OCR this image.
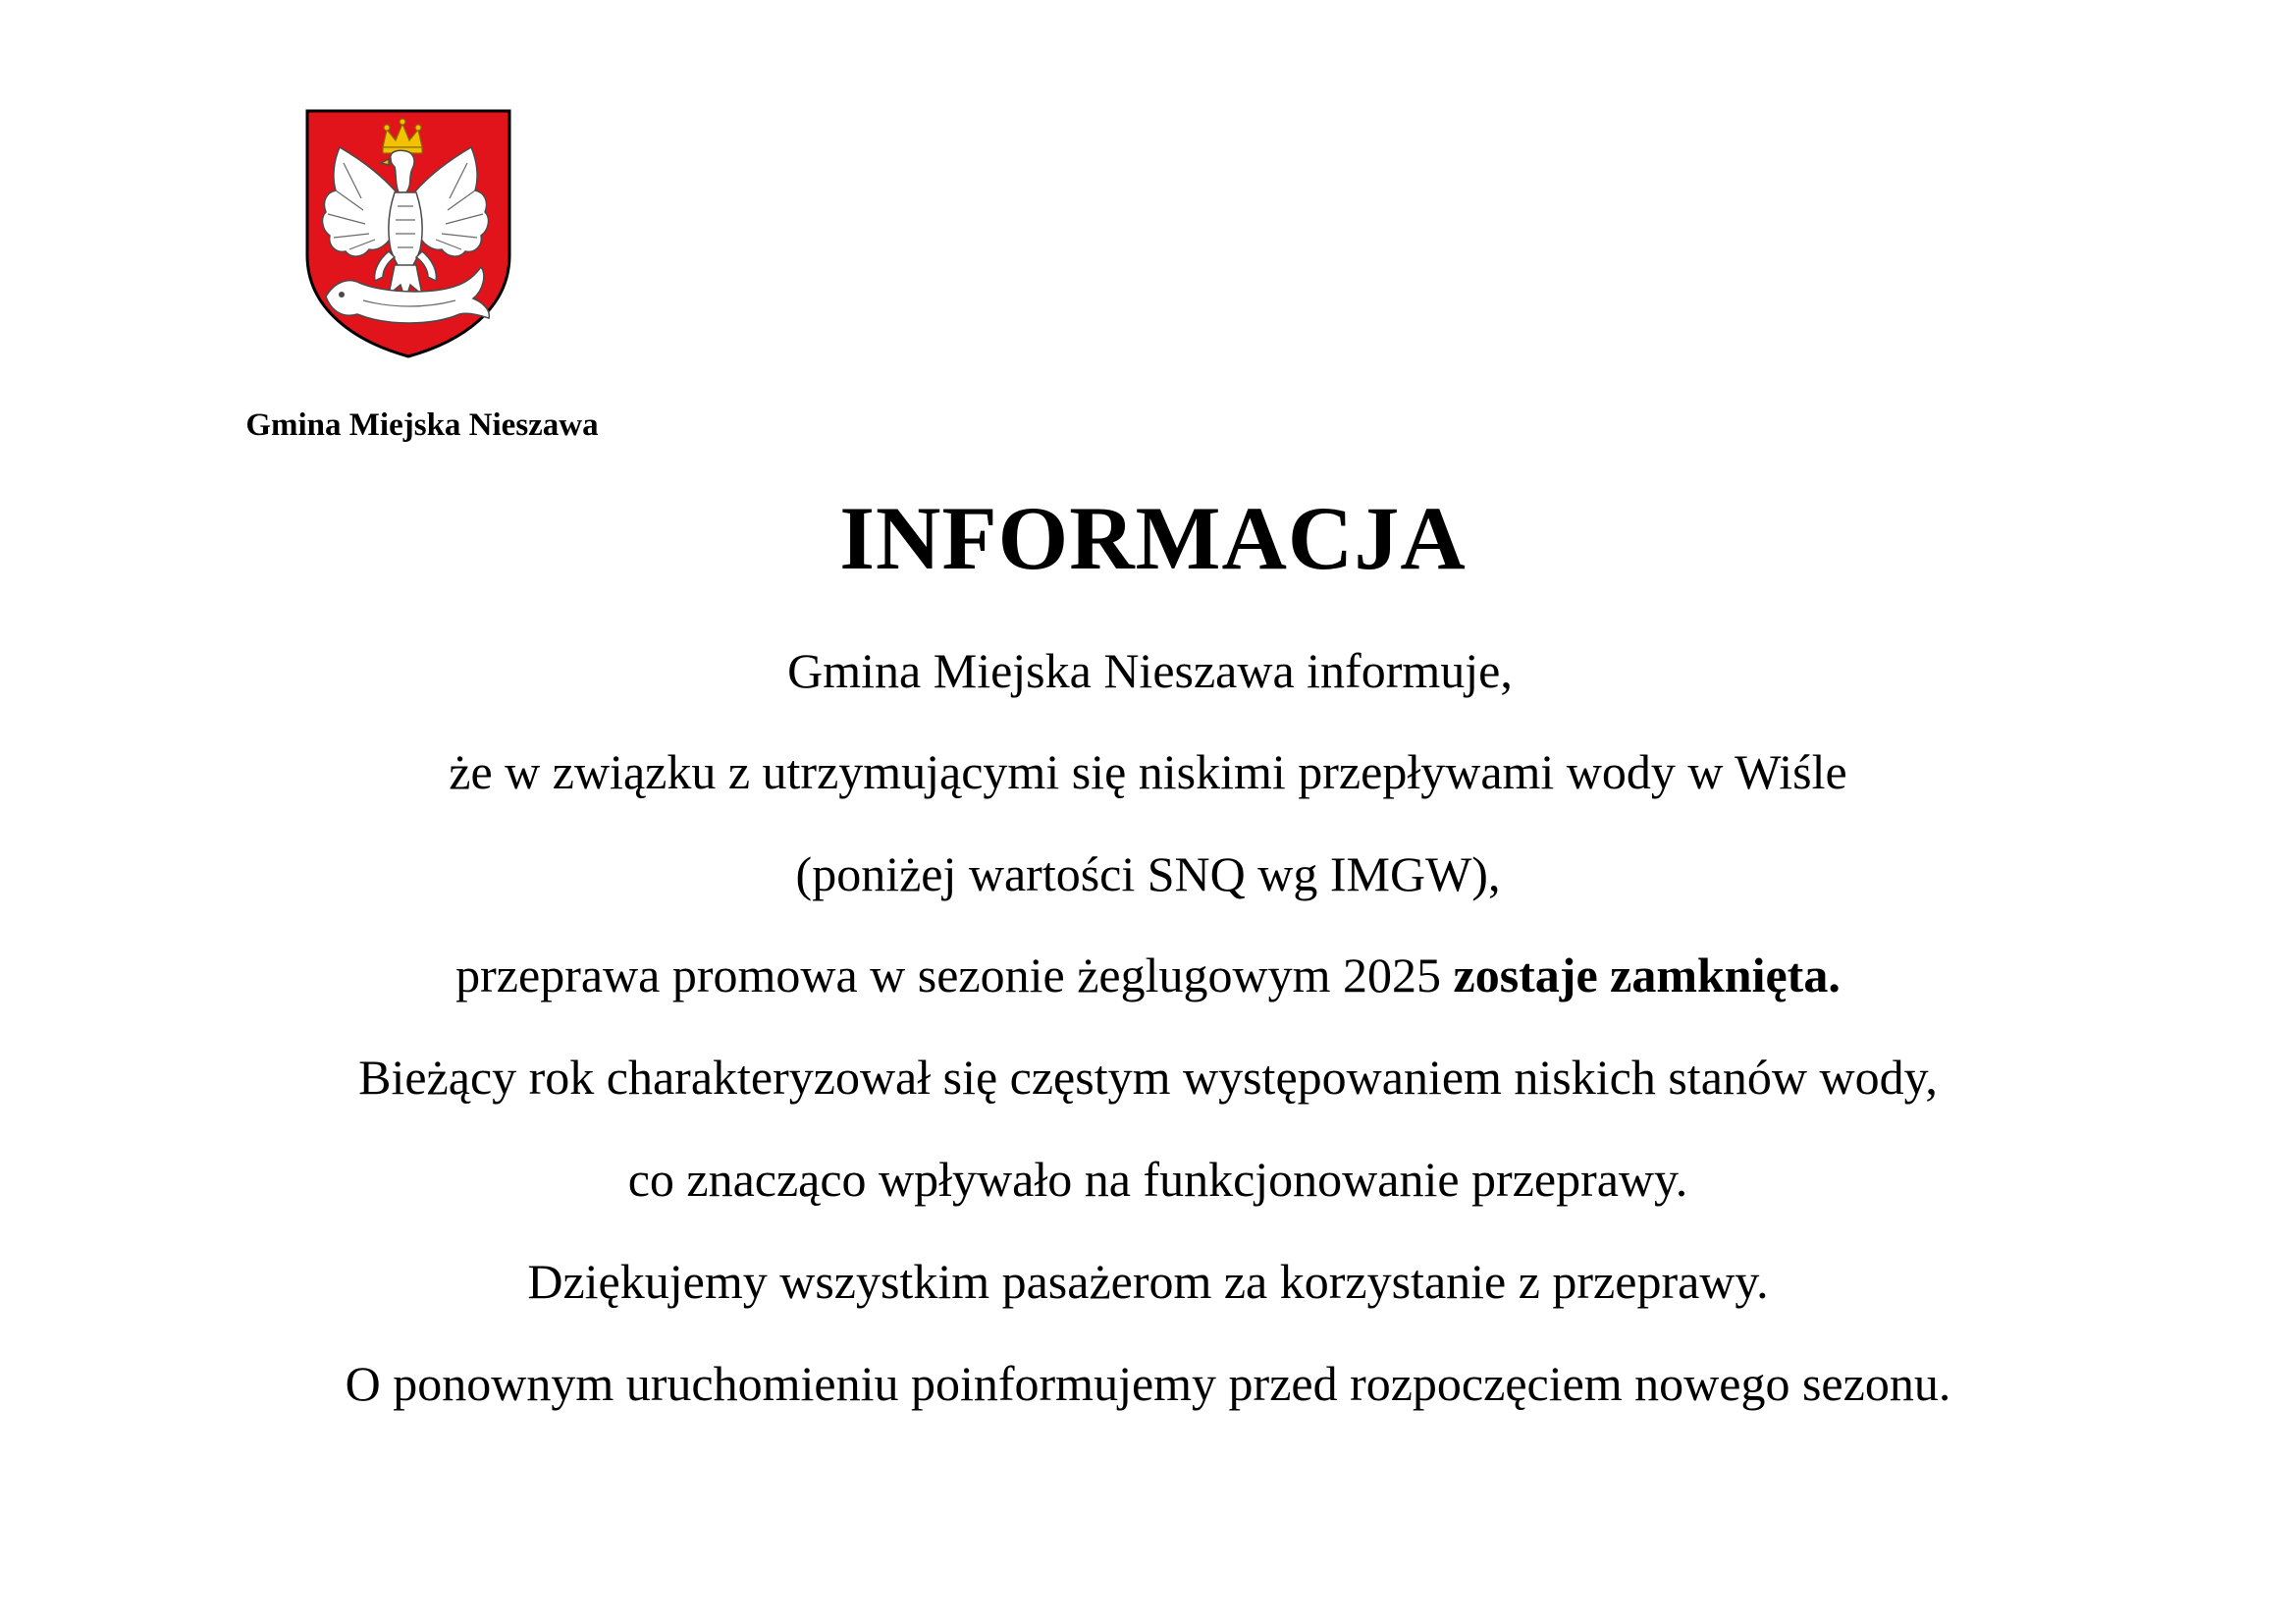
Gmina Miejska Nieszawa
INFORMACJA
Gmina Miejska Nieszawa informuje,
że w związku z utrzymującymi się niskimi przepływami wody w Wiśle
(poniżej wartości SNQ wg IMGW),
przeprawa promowa w sezonie żeglugowym 2025 zostaje zamknięta.
Bieżący rok charakteryzował się częstym występowaniem niskich stanów wody,
co znacząco wpływało na funkcjonowanie przeprawy.
Dziękujemy wszystkim pasażerom za korzystanie z przeprawy.
O ponownym uruchomieniu poinformujemy przed rozpoczęciem nowego sezonu.
